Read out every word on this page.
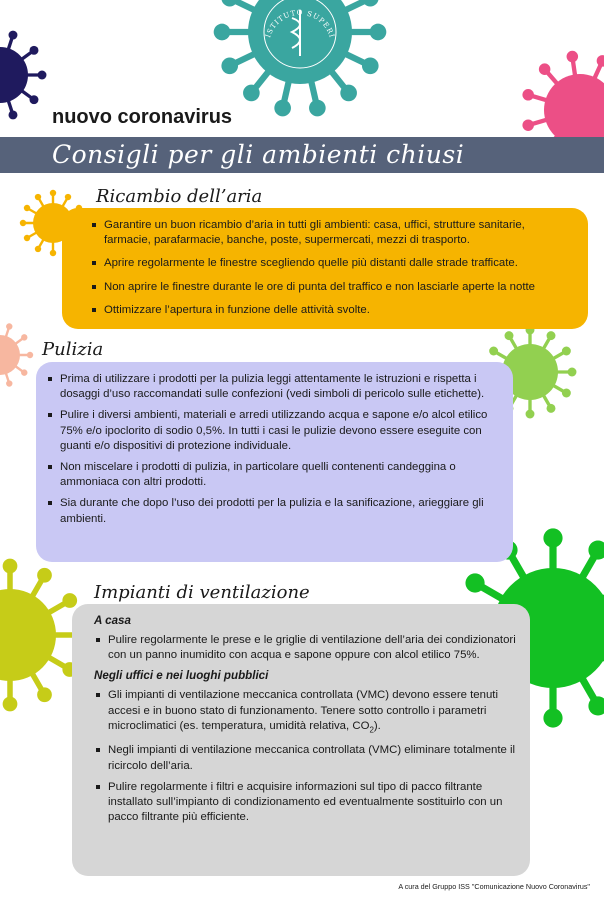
ISTITUTO SUPERI
nuovo coronavirus
Consigli per gli ambienti chiusi
Ricambio dell’aria
Garantire un buon ricambio d’aria in tutti gli ambienti: casa, uffici, strutture sanitarie, farmacie, parafarmacie, banche, poste, supermercati, mezzi di trasporto.
Aprire regolarmente le finestre scegliendo quelle più distanti dalle strade trafficate.
Non aprire le finestre durante le ore di punta del traffico e non lasciarle aperte la notte
Ottimizzare l’apertura in funzione delle attività svolte.
Pulizia
Prima di utilizzare i prodotti per la pulizia leggi attentamente le istruzioni e rispetta i dosaggi d’uso raccomandati sulle confezioni (vedi simboli di pericolo sulle etichette).
Pulire i diversi ambienti, materiali e arredi utilizzando acqua e sapone e/o alcol etilico 75% e/o ipoclorito di sodio 0,5%. In tutti i casi le pulizie devono essere eseguite con guanti e/o dispositivi di protezione individuale.
Non miscelare i prodotti di pulizia, in particolare quelli contenenti candeggina o ammoniaca con altri prodotti.
Sia durante che dopo l’uso dei prodotti per la pulizia e la sanificazione, arieggiare gli ambienti.
Impianti di ventilazione
A casa
Pulire regolarmente le prese e le griglie di ventilazione dell’aria dei condizionatori con un panno inumidito con acqua e sapone oppure con alcol etilico 75%.
Negli uffici e nei luoghi pubblici
Gli impianti di ventilazione meccanica controllata (VMC) devono essere tenuti accesi e in buono stato di funzionamento. Tenere sotto controllo i parametri microclimatici (es. temperatura, umidità relativa, $CO_2$).
Negli impianti di ventilazione meccanica controllata (VMC) eliminare totalmente il ricircolo dell’aria.
Pulire regolarmente i filtri e acquisire informazioni sul tipo di pacco filtrante installato sull’impianto di condizionamento ed eventualmente sostituirlo con un pacco filtrante più efficiente.
A cura del Gruppo ISS "Comunicazione Nuovo Coronavirus"
